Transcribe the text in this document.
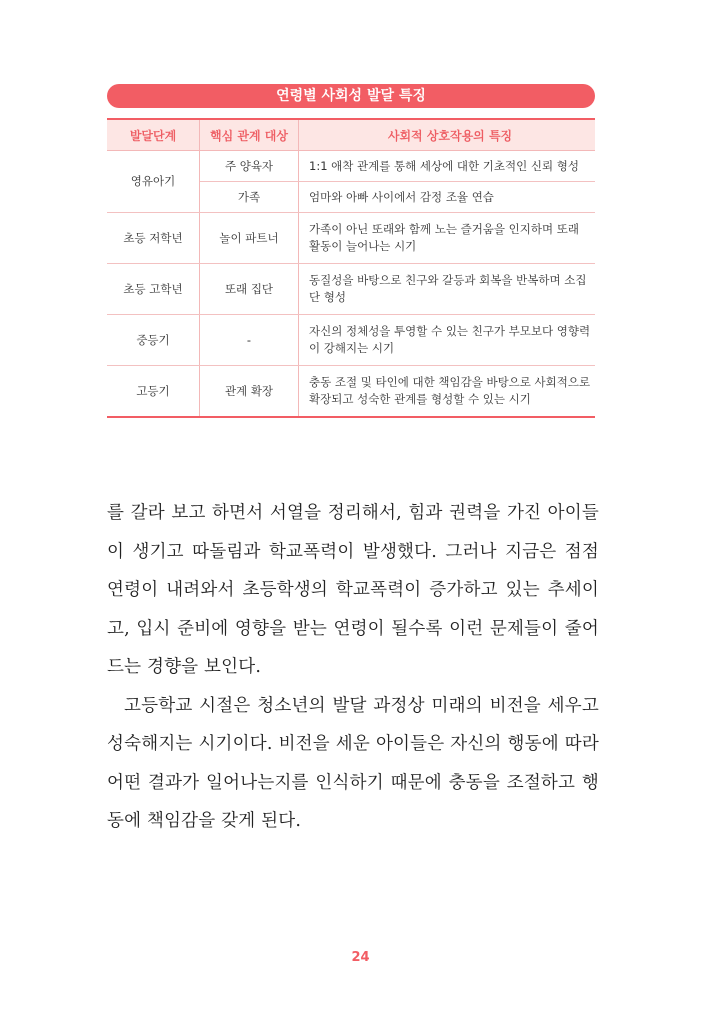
연령별 사회성 발달 특징
발달단계	핵심 관계 대상	사회적 상호작용의 특징
영유아기	주 양육자	1:1 애착 관계를 통해 세상에 대한 기초적인 신뢰 형성
	가족	엄마와 아빠 사이에서 감정 조율 연습
초등 저학년	놀이 파트너	가족이 아닌 또래와 함께 노는 즐거움을 인지하며 또래 활동이 늘어나는 시기
초등 고학년	또래 집단	동질성을 바탕으로 친구와 갈등과 회복을 반복하며 소집단 형성
중등기	-	자신의 정체성을 투영할 수 있는 친구가 부모보다 영향력이 강해지는 시기
고등기	관계 확장	충동 조절 및 타인에 대한 책임감을 바탕으로 사회적으로 확장되고 성숙한 관계를 형성할 수 있는 시기

를 갈라 보고 하면서 서열을 정리해서, 힘과 권력을 가진 아이들이 생기고 따돌림과 학교폭력이 발생했다. 그러나 지금은 점점 연령이 내려와서 초등학생의 학교폭력이 증가하고 있는 추세이고, 입시 준비에 영향을 받는 연령이 될수록 이런 문제들이 줄어드는 경향을 보인다.

고등학교 시절은 청소년의 발달 과정상 미래의 비전을 세우고 성숙해지는 시기이다. 비전을 세운 아이들은 자신의 행동에 따라 어떤 결과가 일어나는지를 인식하기 때문에 충동을 조절하고 행동에 책임감을 갖게 된다.

24
